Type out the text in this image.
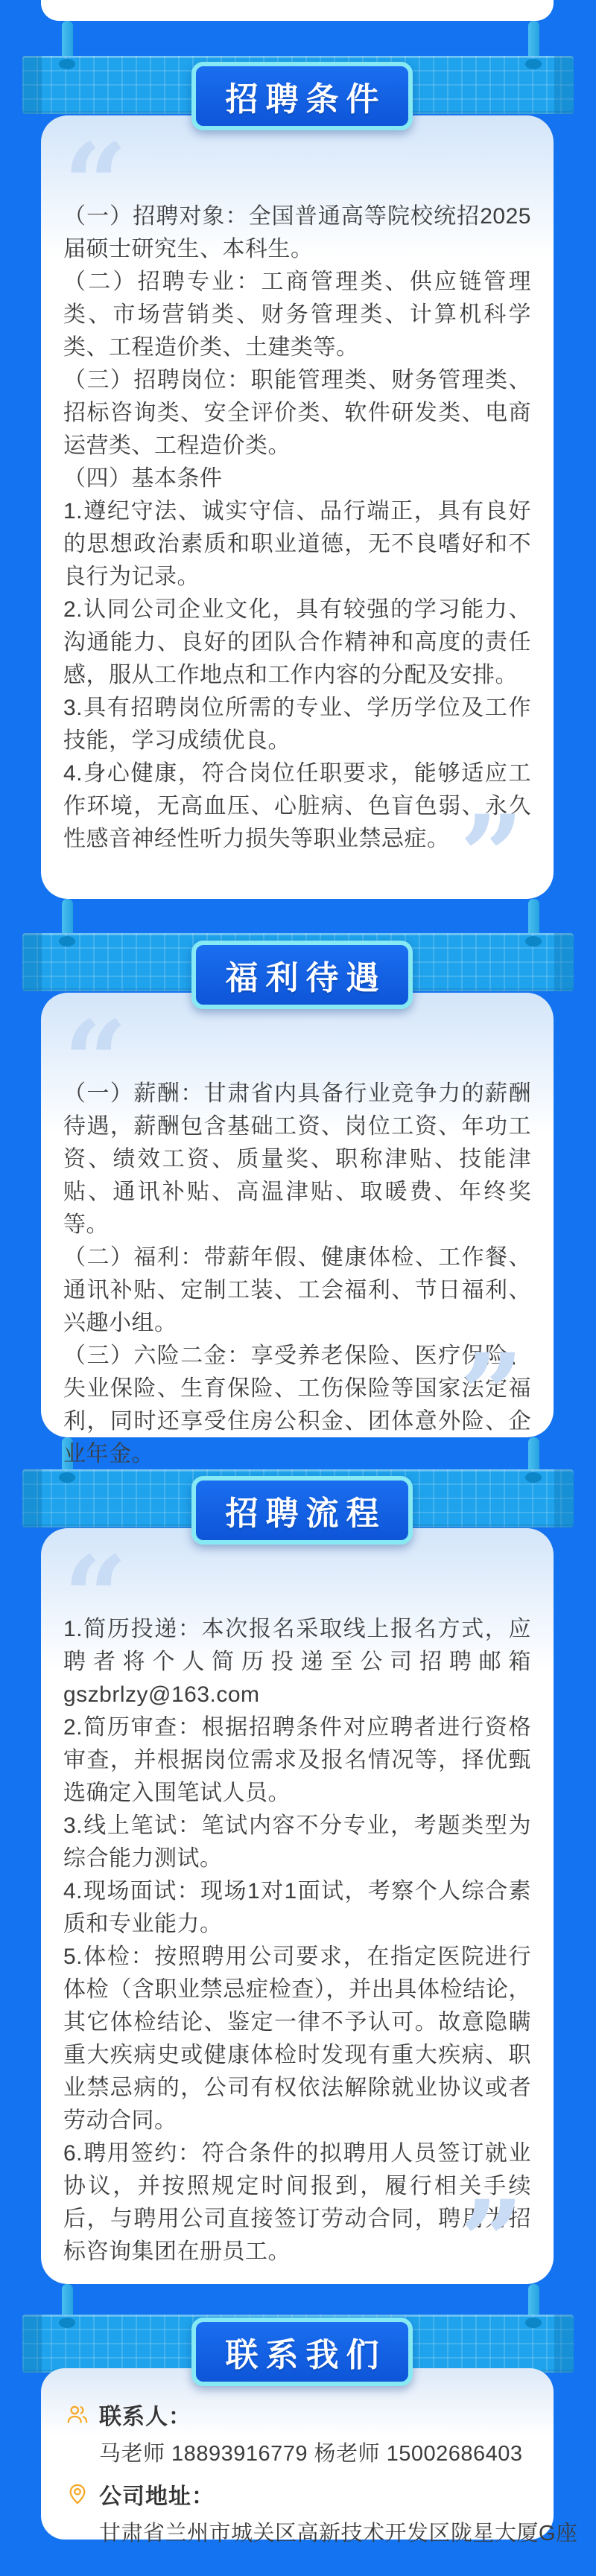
招聘条件
“

（一）招聘对象：全国普通高等院校统招2025届硕士研究生、本科生。

（二）招聘专业：工商管理类、供应链管理类、市场营销类、财务管理类、计算机科学类、工程造价类、土建类等。

（三）招聘岗位：职能管理类、财务管理类、招标咨询类、安全评价类、软件研发类、电商运营类、工程造价类。

（四）基本条件

1.遵纪守法、诚实守信、品行端正，具有良好的思想政治素质和职业道德，无不良嗜好和不良行为记录。

2.认同公司企业文化，具有较强的学习能力、沟通能力、良好的团队合作精神和高度的责任感，服从工作地点和工作内容的分配及安排。

3.具有招聘岗位所需的专业、学历学位及工作技能，学习成绩优良。

4.身心健康，符合岗位任职要求，能够适应工作环境，无高血压、心脏病、色盲色弱、永久性感音神经性听力损失等职业禁忌症。 ”
福利待遇
“

（一）薪酬：甘肃省内具备行业竞争力的薪酬待遇，薪酬包含基础工资、岗位工资、年功工资、绩效工资、质量奖、职称津贴、技能津贴、通讯补贴、高温津贴、取暖费、年终奖等。

（二）福利：带薪年假、健康体检、工作餐、通讯补贴、定制工装、工会福利、节日福利、兴趣小组。

（三）六险二金：享受养老保险、医疗保险、失业保险、生育保险、工伤保险等国家法定福利，同时还享受住房公积金、团体意外险、企业年金。	”
招聘流程
“

1.简历投递：本次报名采取线上报名方式，应聘者将个人简历投递至公司招聘邮箱gszbrlzy@163.com

2.简历审查：根据招聘条件对应聘者进行资格审查，并根据岗位需求及报名情况等，择优甄选确定入围笔试人员。

3.线上笔试：笔试内容不分专业，考题类型为综合能力测试。

4.现场面试：现场1对1面试，考察个人综合素质和专业能力。

5.体检：按照聘用公司要求，在指定医院进行体检（含职业禁忌症检查），并出具体检结论，其它体检结论、鉴定一律不予认可。故意隐瞒重大疾病史或健康体检时发现有重大疾病、职业禁忌病的，公司有权依法解除就业协议或者劳动合同。

6.聘用签约：符合条件的拟聘用人员签订就业协议，并按照规定时间报到，履行相关手续后，与聘用公司直接签订劳动合同，聘用为招标咨询集团在册员工。	”
联系我们
联系人：

马老师 18893916779 杨老师 15002686403

公司地址：

甘肃省兰州市城关区高新技术开发区陇星大厦G座
